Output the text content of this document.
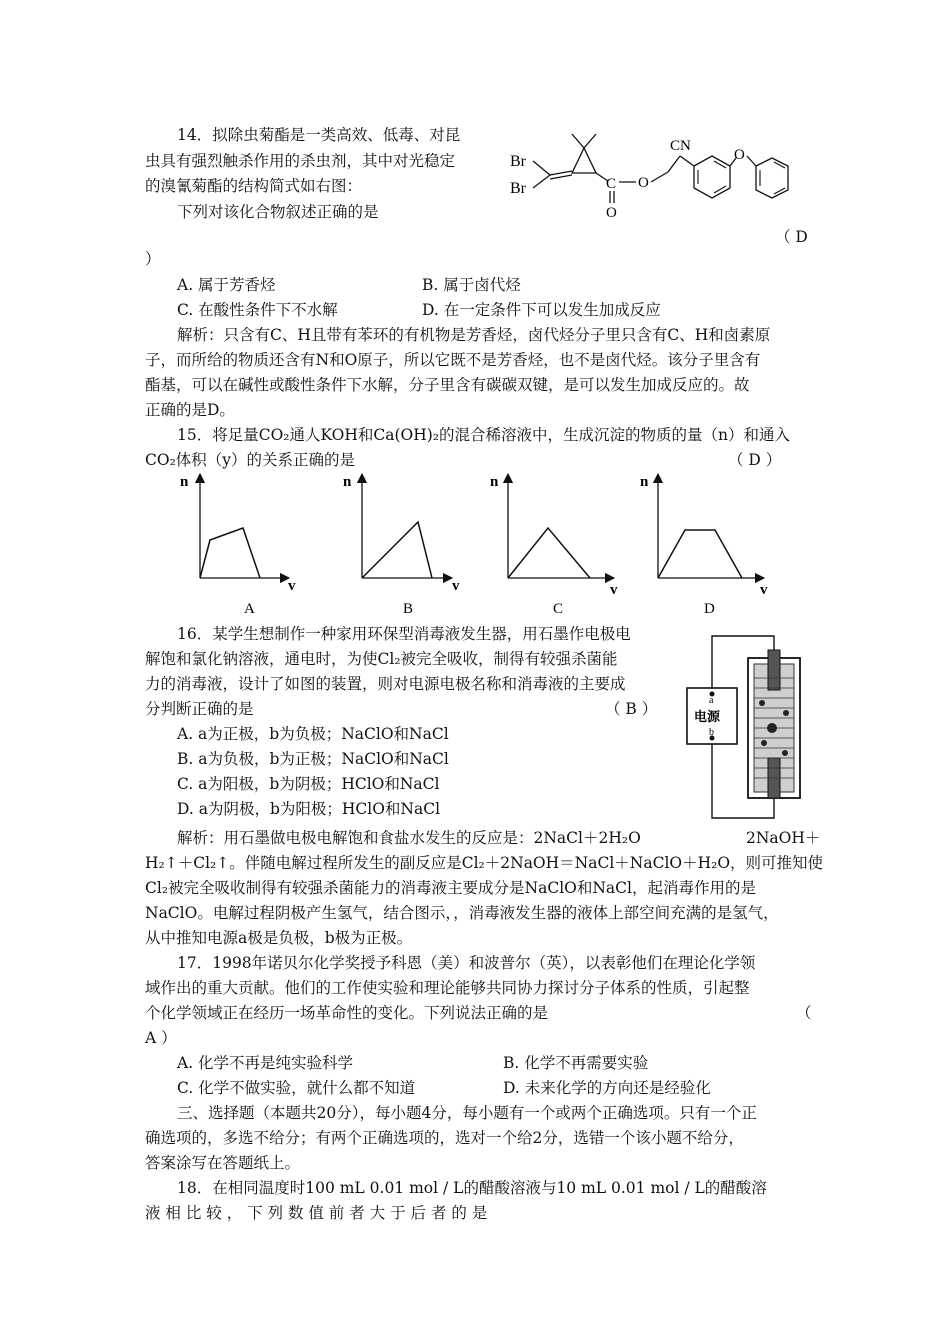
14．拟除虫菊酯是一类高效、低毒、对昆
虫具有强烈触杀作用的杀虫剂，其中对光稳定
的溴氰菊酯的结构简式如右图：
下列对该化合物叙述正确的是
Br
Br	C
O
O
CN
O
（ D
）
A. 属于芳香烃	B. 属于卤代烃
C. 在酸性条件下不水解	D. 在一定条件下可以发生加成反应
解析：只含有C、H且带有苯环的有机物是芳香烃，卤代烃分子里只含有C、H和卤素原
子，而所给的物质还含有N和O原子，所以它既不是芳香烃，也不是卤代烃。该分子里含有
酯基，可以在碱性或酸性条件下水解，分子里含有碳碳双键，是可以发生加成反应的。故
正确的是D。
15．将足量CO₂通人KOH和Ca(OH)₂的混合稀溶液中，生成沉淀的物质的量（n）和通入
CO₂体积（y）的关系正确的是	（ D ）
n
v
A
n
v
B
n
v
C
n
v
D
16．某学生想制作一种家用环保型消毒液发生器，用石墨作电极电
解饱和氯化钠溶液，通电时，为使Cl₂被完全吸收，制得有较强杀菌能
力的消毒液，设计了如图的装置，则对电源电极名称和消毒液的主要成
分判断正确的是	（ B ）
A. a为正极，b为负极；NaClO和NaCl
B. a为负极，b为正极；NaClO和NaCl
C. a为阳极，b为阴极；HClO和NaCl
D. a为阴极，b为阳极；HClO和NaCl
a
b
电源
解析：用石墨做电极电解饱和食盐水发生的反应是：2NaCl＋2H₂O	2NaOH＋
H₂↑＋Cl₂↑。伴随电解过程所发生的副反应是Cl₂＋2NaOH＝NaCl＋NaClO＋H₂O，则可推知使
Cl₂被完全吸收制得有较强杀菌能力的消毒液主要成分是NaClO和NaCl，起消毒作用的是
NaClO。电解过程阴极产生氢气，结合图示，，消毒液发生器的液体上部空间充满的是氢气，
从中推知电源a极是负极，b极为正极。
17．1998年诺贝尔化学奖授予科恩（美）和波普尔（英），以表彰他们在理论化学领
域作出的重大贡献。他们的工作使实验和理论能够共同协力探讨分子体系的性质，引起整
个化学领域正在经历一场革命性的变化。下列说法正确的是	（
A ）
A. 化学不再是纯实验科学	B. 化学不再需要实验
C. 化学不做实验，就什么都不知道	D. 未来化学的方向还是经验化
三、选择题（本题共20分），每小题4分，每小题有一个或两个正确选项。只有一个正
确选项的，多选不给分；有两个正确选项的，选对一个给2分，选错一个该小题不给分，
答案涂写在答题纸上。
18．在相同温度时100 mL 0.01 mol / L的醋酸溶液与10 mL 0.01 mol / L的醋酸溶
液 相 比 较 ， 下 列 数 值 前 者 大 于 后 者 的 是
